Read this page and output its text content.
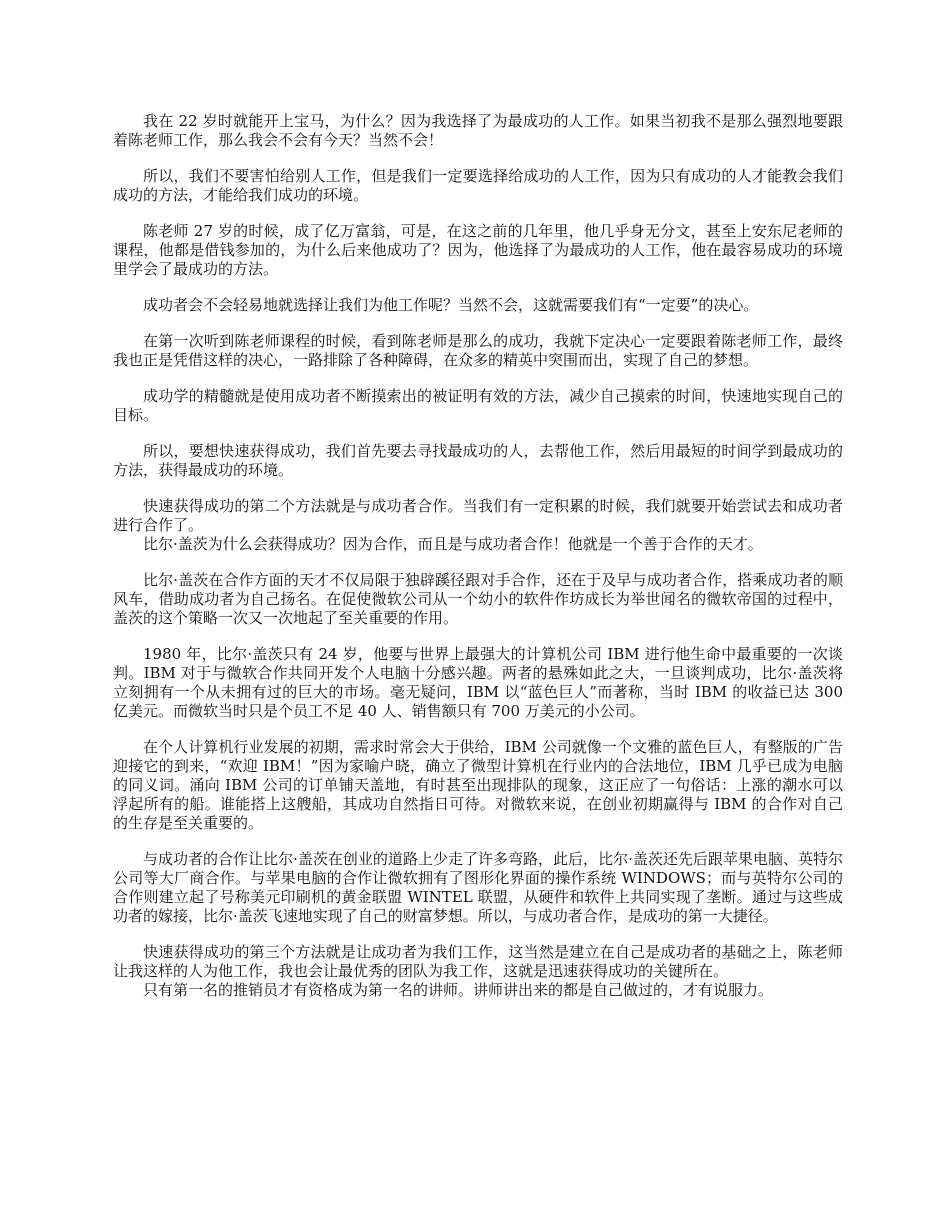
我在 22 岁时就能开上宝马，为什么？因为我选择了为最成功的人工作。如果当初我不是那么强烈地要跟着陈老师工作，那么我会不会有今天？当然不会！

所以，我们不要害怕给别人工作，但是我们一定要选择给成功的人工作，因为只有成功的人才能教会我们成功的方法，才能给我们成功的环境。

陈老师 27 岁的时候，成了亿万富翁，可是，在这之前的几年里，他几乎身无分文，甚至上安东尼老师的课程，他都是借钱参加的，为什么后来他成功了？因为，他选择了为最成功的人工作，他在最容易成功的环境里学会了最成功的方法。

成功者会不会轻易地就选择让我们为他工作呢？当然不会，这就需要我们有“一定要”的决心。

在第一次听到陈老师课程的时候，看到陈老师是那么的成功，我就下定决心一定要跟着陈老师工作，最终我也正是凭借这样的决心，一路排除了各种障碍，在众多的精英中突围而出，实现了自己的梦想。

成功学的精髓就是使用成功者不断摸索出的被证明有效的方法，减少自己摸索的时间，快速地实现自己的目标。

所以，要想快速获得成功，我们首先要去寻找最成功的人，去帮他工作，然后用最短的时间学到最成功的方法，获得最成功的环境。

快速获得成功的第二个方法就是与成功者合作。当我们有一定积累的时候，我们就要开始尝试去和成功者进行合作了。

比尔·盖茨为什么会获得成功？因为合作，而且是与成功者合作！他就是一个善于合作的天才。

比尔·盖茨在合作方面的天才不仅局限于独辟蹊径跟对手合作，还在于及早与成功者合作，搭乘成功者的顺风车，借助成功者为自己扬名。在促使微软公司从一个幼小的软件作坊成长为举世闻名的微软帝国的过程中，盖茨的这个策略一次又一次地起了至关重要的作用。

1980 年，比尔·盖茨只有 24 岁，他要与世界上最强大的计算机公司 IBM 进行他生命中最重要的一次谈判。IBM 对于与微软合作共同开发个人电脑十分感兴趣。两者的悬殊如此之大，一旦谈判成功，比尔·盖茨将立刻拥有一个从未拥有过的巨大的市场。毫无疑问，IBM 以“蓝色巨人”而著称，当时 IBM 的收益已达 300 亿美元。而微软当时只是个员工不足 40 人、销售额只有 700 万美元的小公司。

在个人计算机行业发展的初期，需求时常会大于供给，IBM 公司就像一个文雅的蓝色巨人，有整版的广告迎接它的到来，“欢迎 IBM！”因为家喻户晓，确立了微型计算机在行业内的合法地位，IBM 几乎已成为电脑的同义词。涌向 IBM 公司的订单铺天盖地，有时甚至出现排队的现象，这正应了一句俗话：上涨的潮水可以浮起所有的船。谁能搭上这艘船，其成功自然指日可待。对微软来说，在创业初期赢得与 IBM 的合作对自己的生存是至关重要的。

与成功者的合作让比尔·盖茨在创业的道路上少走了许多弯路，此后，比尔·盖茨还先后跟苹果电脑、英特尔公司等大厂商合作。与苹果电脑的合作让微软拥有了图形化界面的操作系统 WINDOWS；而与英特尔公司的合作则建立起了号称美元印刷机的黄金联盟 WINTEL 联盟，从硬件和软件上共同实现了垄断。通过与这些成功者的嫁接，比尔·盖茨飞速地实现了自己的财富梦想。所以，与成功者合作，是成功的第一大捷径。

快速获得成功的第三个方法就是让成功者为我们工作，这当然是建立在自己是成功者的基础之上，陈老师让我这样的人为他工作，我也会让最优秀的团队为我工作，这就是迅速获得成功的关键所在。

只有第一名的推销员才有资格成为第一名的讲师。讲师讲出来的都是自己做过的，才有说服力。
